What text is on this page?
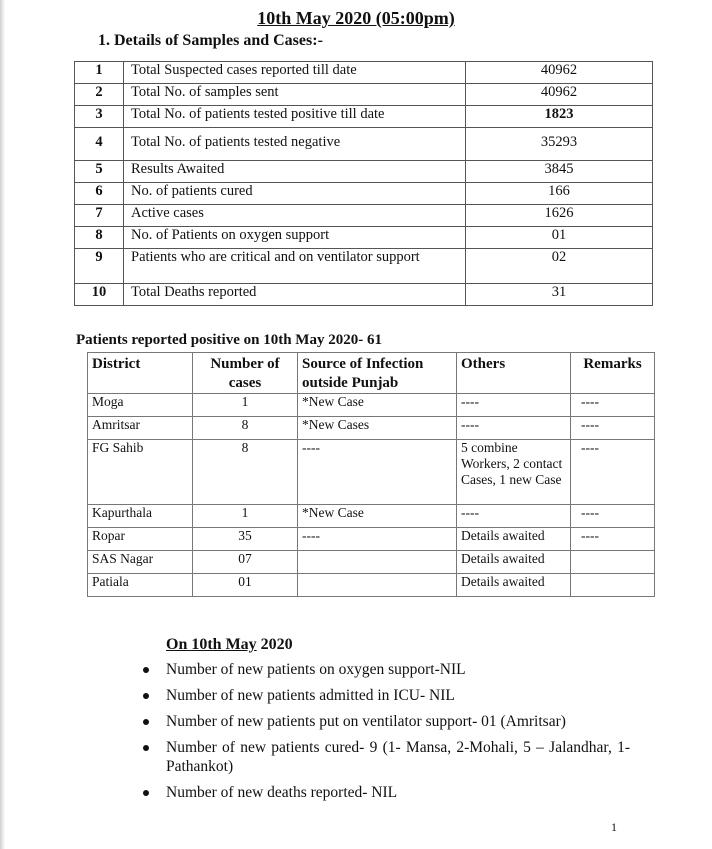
10th May 2020 (05:00pm)
1. Details of Samples and Cases:-
1	Total Suspected cases reported till date	40962
2	Total No. of samples sent	40962
3	Total No. of patients tested positive till date	1823
4	Total No. of patients tested negative	35293
5	Results Awaited	3845
6	No. of patients cured	166
7	Active cases	1626
8	No. of Patients on oxygen support	01
9	Patients who are critical and on ventilator support	02
10	Total Deaths reported	31
Patients reported positive on 10th May 2020- 61
District	Number of cases	Source of Infection outside Punjab	Others	Remarks
Moga	1	*New Case	----	----
Amritsar	8	*New Cases	----	----
FG Sahib	8	----	5 combine Workers, 2 contact Cases, 1 new Case	----
Kapurthala	1	*New Case	----	----
Ropar	35	----	Details awaited	----
SAS Nagar	07		Details awaited	
Patiala	01		Details awaited	
On 10th May 2020
Number of new patients on oxygen support-NIL
Number of new patients admitted in ICU- NIL
Number of new patients put on ventilator support- 01 (Amritsar)
Number of new patients cured- 9 (1- Mansa, 2-Mohali, 5 – Jalandhar, 1-Pathankot)
Number of new deaths reported- NIL
1
